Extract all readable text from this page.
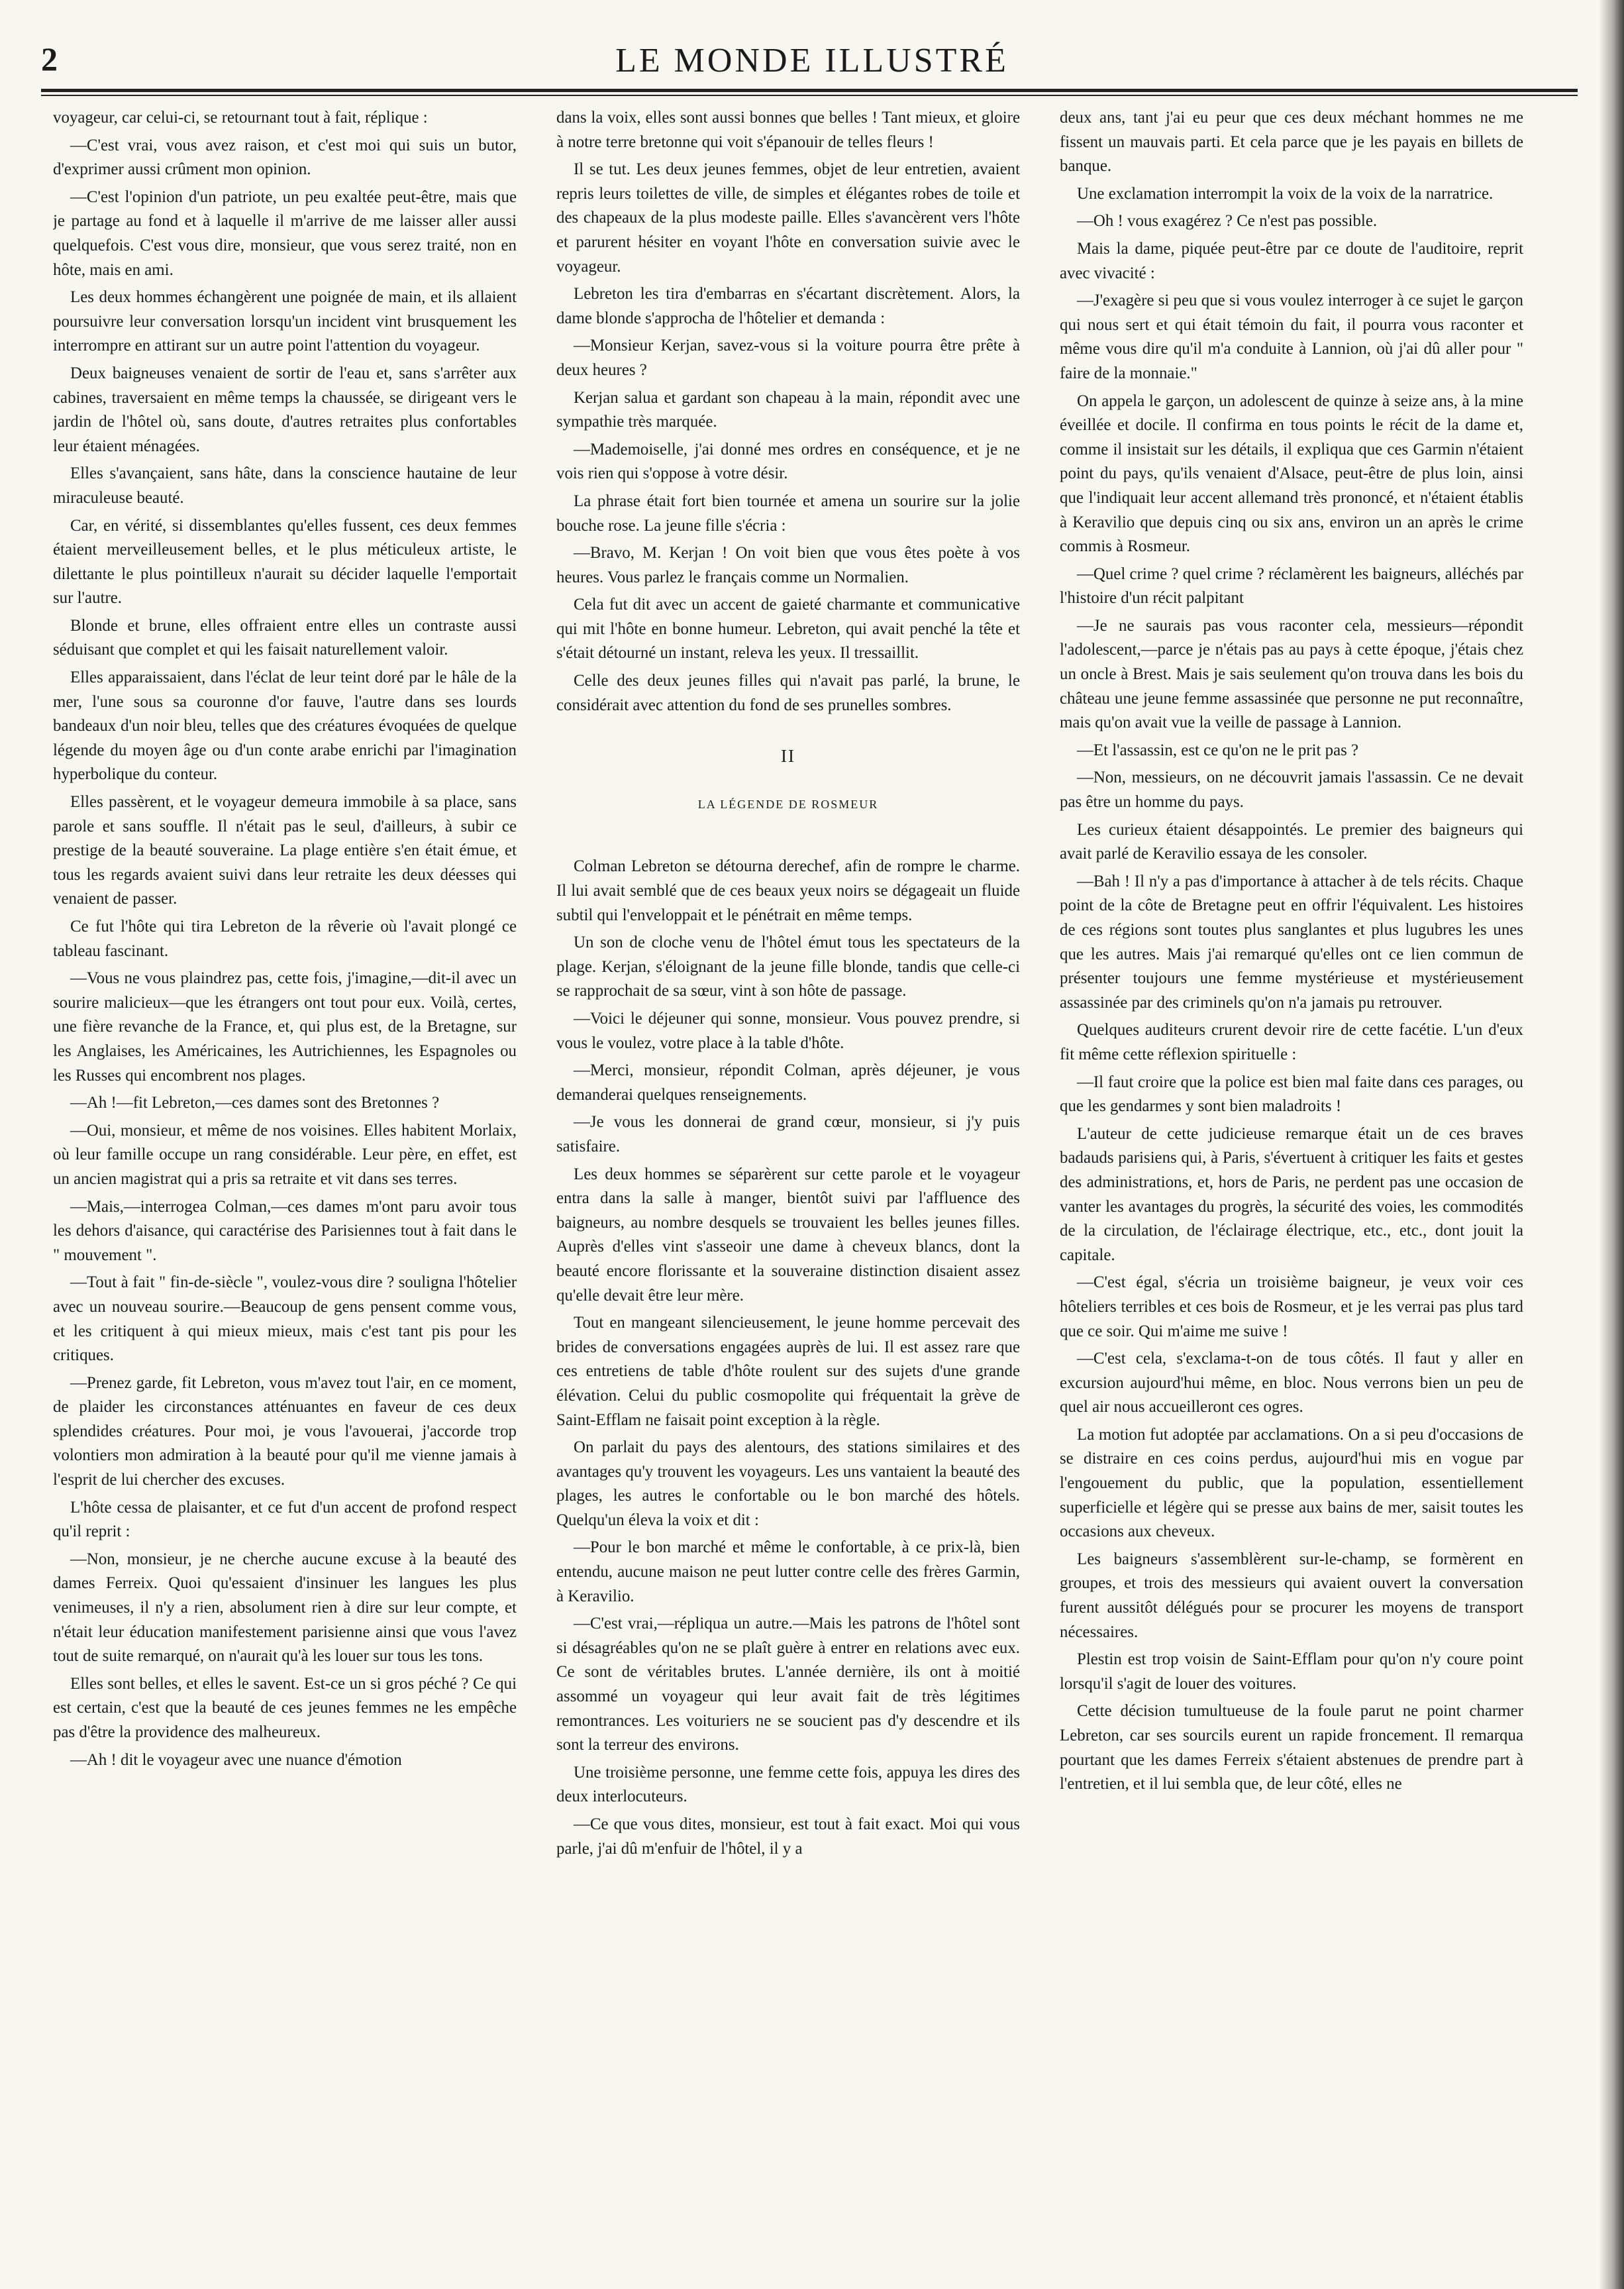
2	LE MONDE ILLUSTRÉ

voyageur, car celui-ci, se retournant tout à fait, réplique :

—C'est vrai, vous avez raison, et c'est moi qui suis un butor, d'exprimer aussi crûment mon opinion.

—C'est l'opinion d'un patriote, un peu exaltée peut-être, mais que je partage au fond et à laquelle il m'arrive de me laisser aller aussi quelquefois. C'est vous dire, monsieur, que vous serez traité, non en hôte, mais en ami.

Les deux hommes échangèrent une poignée de main, et ils allaient poursuivre leur conversation lorsqu'un incident vint brusquement les interrompre en attirant sur un autre point l'attention du voyageur.

Deux baigneuses venaient de sortir de l'eau et, sans s'arrêter aux cabines, traversaient en même temps la chaussée, se dirigeant vers le jardin de l'hôtel où, sans doute, d'autres retraites plus confortables leur étaient ménagées.

Elles s'avançaient, sans hâte, dans la conscience hautaine de leur miraculeuse beauté.

Car, en vérité, si dissemblantes qu'elles fussent, ces deux femmes étaient merveilleusement belles, et le plus méticuleux artiste, le dilettante le plus pointilleux n'aurait su décider laquelle l'emportait sur l'autre.

Blonde et brune, elles offraient entre elles un contraste aussi séduisant que complet et qui les faisait naturellement valoir.

Elles apparaissaient, dans l'éclat de leur teint doré par le hâle de la mer, l'une sous sa couronne d'or fauve, l'autre dans ses lourds bandeaux d'un noir bleu, telles que des créatures évoquées de quelque légende du moyen âge ou d'un conte arabe enrichi par l'imagination hyperbolique du conteur.

Elles passèrent, et le voyageur demeura immobile à sa place, sans parole et sans souffle. Il n'était pas le seul, d'ailleurs, à subir ce prestige de la beauté souveraine. La plage entière s'en était émue, et tous les regards avaient suivi dans leur retraite les deux déesses qui venaient de passer.

Ce fut l'hôte qui tira Lebreton de la rêverie où l'avait plongé ce tableau fascinant.

—Vous ne vous plaindrez pas, cette fois, j'imagine,—dit-il avec un sourire malicieux—que les étrangers ont tout pour eux. Voilà, certes, une fière revanche de la France, et, qui plus est, de la Bretagne, sur les Anglaises, les Américaines, les Autrichiennes, les Espagnoles ou les Russes qui encombrent nos plages.

—Ah !—fit Lebreton,—ces dames sont des Bretonnes ?

—Oui, monsieur, et même de nos voisines. Elles habitent Morlaix, où leur famille occupe un rang considérable. Leur père, en effet, est un ancien magistrat qui a pris sa retraite et vit dans ses terres.

—Mais,—interrogea Colman,—ces dames m'ont paru avoir tous les dehors d'aisance, qui caractérise des Parisiennes tout à fait dans le " mouvement ".

—Tout à fait " fin-de-siècle ", voulez-vous dire ? souligna l'hôtelier avec un nouveau sourire.—Beaucoup de gens pensent comme vous, et les critiquent à qui mieux mieux, mais c'est tant pis pour les critiques.

—Prenez garde, fit Lebreton, vous m'avez tout l'air, en ce moment, de plaider les circonstances atténuantes en faveur de ces deux splendides créatures. Pour moi, je vous l'avouerai, j'accorde trop volontiers mon admiration à la beauté pour qu'il me vienne jamais à l'esprit de lui chercher des excuses.

L'hôte cessa de plaisanter, et ce fut d'un accent de profond respect qu'il reprit :

—Non, monsieur, je ne cherche aucune excuse à la beauté des dames Ferreix. Quoi qu'essaient d'insinuer les langues les plus venimeuses, il n'y a rien, absolument rien à dire sur leur compte, et n'était leur éducation manifestement parisienne ainsi que vous l'avez tout de suite remarqué, on n'aurait qu'à les louer sur tous les tons.

Elles sont belles, et elles le savent. Est-ce un si gros péché ? Ce qui est certain, c'est que la beauté de ces jeunes femmes ne les empêche pas d'être la providence des malheureux.

—Ah ! dit le voyageur avec une nuance d'émotion

dans la voix, elles sont aussi bonnes que belles ! Tant mieux, et gloire à notre terre bretonne qui voit s'épanouir de telles fleurs !

Il se tut. Les deux jeunes femmes, objet de leur entretien, avaient repris leurs toilettes de ville, de simples et élégantes robes de toile et des chapeaux de la plus modeste paille. Elles s'avancèrent vers l'hôte et parurent hésiter en voyant l'hôte en conversation suivie avec le voyageur.

Lebreton les tira d'embarras en s'écartant discrètement. Alors, la dame blonde s'approcha de l'hôtelier et demanda :

—Monsieur Kerjan, savez-vous si la voiture pourra être prête à deux heures ?

Kerjan salua et gardant son chapeau à la main, répondit avec une sympathie très marquée.

—Mademoiselle, j'ai donné mes ordres en conséquence, et je ne vois rien qui s'oppose à votre désir.

La phrase était fort bien tournée et amena un sourire sur la jolie bouche rose. La jeune fille s'écria :

—Bravo, M. Kerjan ! On voit bien que vous êtes poète à vos heures. Vous parlez le français comme un Normalien.

Cela fut dit avec un accent de gaieté charmante et communicative qui mit l'hôte en bonne humeur. Lebreton, qui avait penché la tête et s'était détourné un instant, releva les yeux. Il tressaillit.

Celle des deux jeunes filles qui n'avait pas parlé, la brune, le considérait avec attention du fond de ses prunelles sombres.

II
LA LÉGENDE DE ROSMEUR

Colman Lebreton se détourna derechef, afin de rompre le charme. Il lui avait semblé que de ces beaux yeux noirs se dégageait un fluide subtil qui l'enveloppait et le pénétrait en même temps.

Un son de cloche venu de l'hôtel émut tous les spectateurs de la plage. Kerjan, s'éloignant de la jeune fille blonde, tandis que celle-ci se rapprochait de sa sœur, vint à son hôte de passage.

—Voici le déjeuner qui sonne, monsieur. Vous pouvez prendre, si vous le voulez, votre place à la table d'hôte.

—Merci, monsieur, répondit Colman, après déjeuner, je vous demanderai quelques renseignements.

—Je vous les donnerai de grand cœur, monsieur, si j'y puis satisfaire.

Les deux hommes se séparèrent sur cette parole et le voyageur entra dans la salle à manger, bientôt suivi par l'affluence des baigneurs, au nombre desquels se trouvaient les belles jeunes filles. Auprès d'elles vint s'asseoir une dame à cheveux blancs, dont la beauté encore florissante et la souveraine distinction disaient assez qu'elle devait être leur mère.

Tout en mangeant silencieusement, le jeune homme percevait des brides de conversations engagées auprès de lui. Il est assez rare que ces entretiens de table d'hôte roulent sur des sujets d'une grande élévation. Celui du public cosmopolite qui fréquentait la grève de Saint-Efflam ne faisait point exception à la règle.

On parlait du pays des alentours, des stations similaires et des avantages qu'y trouvent les voyageurs. Les uns vantaient la beauté des plages, les autres le confortable ou le bon marché des hôtels. Quelqu'un éleva la voix et dit :

—Pour le bon marché et même le confortable, à ce prix-là, bien entendu, aucune maison ne peut lutter contre celle des frères Garmin, à Keravilio.

—C'est vrai,—répliqua un autre.—Mais les patrons de l'hôtel sont si désagréables qu'on ne se plaît guère à entrer en relations avec eux. Ce sont de véritables brutes. L'année dernière, ils ont à moitié assommé un voyageur qui leur avait fait de très légitimes remontrances. Les voituriers ne se soucient pas d'y descendre et ils sont la terreur des environs.

Une troisième personne, une femme cette fois, appuya les dires des deux interlocuteurs.

—Ce que vous dites, monsieur, est tout à fait exact. Moi qui vous parle, j'ai dû m'enfuir de l'hôtel, il y a

deux ans, tant j'ai eu peur que ces deux méchant hommes ne me fissent un mauvais parti. Et cela parce que je les payais en billets de banque.

Une exclamation interrompit la voix de la voix de la narratrice.

—Oh ! vous exagérez ? Ce n'est pas possible.

Mais la dame, piquée peut-être par ce doute de l'auditoire, reprit avec vivacité :

—J'exagère si peu que si vous voulez interroger à ce sujet le garçon qui nous sert et qui était témoin du fait, il pourra vous raconter et même vous dire qu'il m'a conduite à Lannion, où j'ai dû aller pour " faire de la monnaie."

On appela le garçon, un adolescent de quinze à seize ans, à la mine éveillée et docile. Il confirma en tous points le récit de la dame et, comme il insistait sur les détails, il expliqua que ces Garmin n'étaient point du pays, qu'ils venaient d'Alsace, peut-être de plus loin, ainsi que l'indiquait leur accent allemand très prononcé, et n'étaient établis à Keravilio que depuis cinq ou six ans, environ un an après le crime commis à Rosmeur.

—Quel crime ? quel crime ? réclamèrent les baigneurs, alléchés par l'histoire d'un récit palpitant

—Je ne saurais pas vous raconter cela, messieurs—répondit l'adolescent,—parce je n'étais pas au pays à cette époque, j'étais chez un oncle à Brest. Mais je sais seulement qu'on trouva dans les bois du château une jeune femme assassinée que personne ne put reconnaître, mais qu'on avait vue la veille de passage à Lannion.

—Et l'assassin, est ce qu'on ne le prit pas ?

—Non, messieurs, on ne découvrit jamais l'assassin. Ce ne devait pas être un homme du pays.

Les curieux étaient désappointés. Le premier des baigneurs qui avait parlé de Keravilio essaya de les consoler.

—Bah ! Il n'y a pas d'importance à attacher à de tels récits. Chaque point de la côte de Bretagne peut en offrir l'équivalent. Les histoires de ces régions sont toutes plus sanglantes et plus lugubres les unes que les autres. Mais j'ai remarqué qu'elles ont ce lien commun de présenter toujours une femme mystérieuse et mystérieusement assassinée par des criminels qu'on n'a jamais pu retrouver.

Quelques auditeurs crurent devoir rire de cette facétie. L'un d'eux fit même cette réflexion spirituelle :

—Il faut croire que la police est bien mal faite dans ces parages, ou que les gendarmes y sont bien maladroits !

L'auteur de cette judicieuse remarque était un de ces braves badauds parisiens qui, à Paris, s'évertuent à critiquer les faits et gestes des administrations, et, hors de Paris, ne perdent pas une occasion de vanter les avantages du progrès, la sécurité des voies, les commodités de la circulation, de l'éclairage électrique, etc., etc., dont jouit la capitale.

—C'est égal, s'écria un troisième baigneur, je veux voir ces hôteliers terribles et ces bois de Rosmeur, et je les verrai pas plus tard que ce soir. Qui m'aime me suive !

—C'est cela, s'exclama-t-on de tous côtés. Il faut y aller en excursion aujourd'hui même, en bloc. Nous verrons bien un peu de quel air nous accueilleront ces ogres.

La motion fut adoptée par acclamations. On a si peu d'occasions de se distraire en ces coins perdus, aujourd'hui mis en vogue par l'engouement du public, que la population, essentiellement superficielle et légère qui se presse aux bains de mer, saisit toutes les occasions aux cheveux.

Les baigneurs s'assemblèrent sur-le-champ, se formèrent en groupes, et trois des messieurs qui avaient ouvert la conversation furent aussitôt délégués pour se procurer les moyens de transport nécessaires.

Plestin est trop voisin de Saint-Efflam pour qu'on n'y coure point lorsqu'il s'agit de louer des voitures.

Cette décision tumultueuse de la foule parut ne point charmer Lebreton, car ses sourcils eurent un rapide froncement. Il remarqua pourtant que les dames Ferreix s'étaient abstenues de prendre part à l'entretien, et il lui sembla que, de leur côté, elles ne
